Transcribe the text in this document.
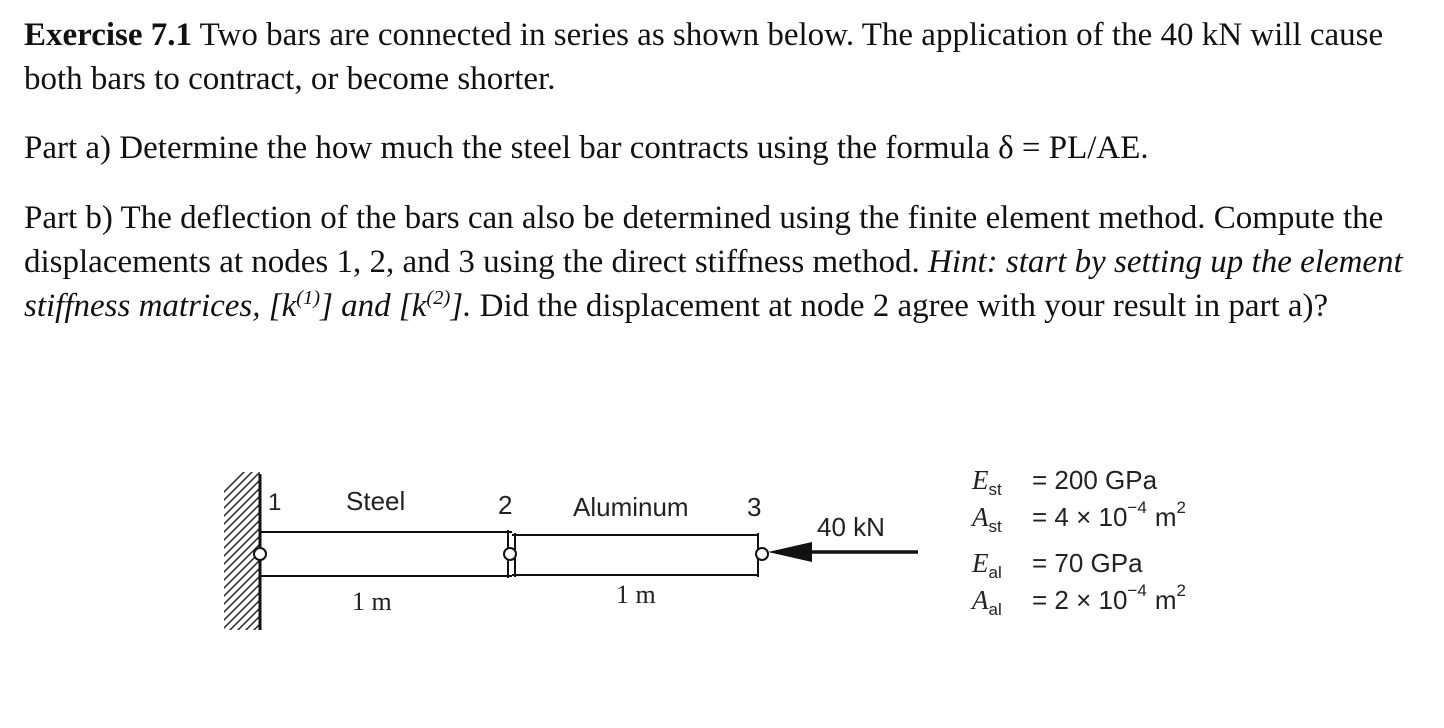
Exercise 7.1 Two bars are connected in series as shown below. The application of the 40 kN will cause both bars to contract, or become shorter.
Part a) Determine the how much the steel bar contracts using the formula δ = PL/AE.
Part b) The deflection of the bars can also be determined using the finite element method. Compute the displacements at nodes 1, 2, and 3 using the direct stiffness method. Hint: start by setting up the element stiffness matrices, $[k^{(1)}]$ and $[k^{(2)}]$. Did the displacement at node 2 agree with your result in part a)?
1 Steel	2 Aluminum 3
40 kN
1 m	1 m
Est = 200 GPa
Ast = 4 × 10−4 m2
Eal = 70 GPa
Aal = 2 × 10−4 m2
